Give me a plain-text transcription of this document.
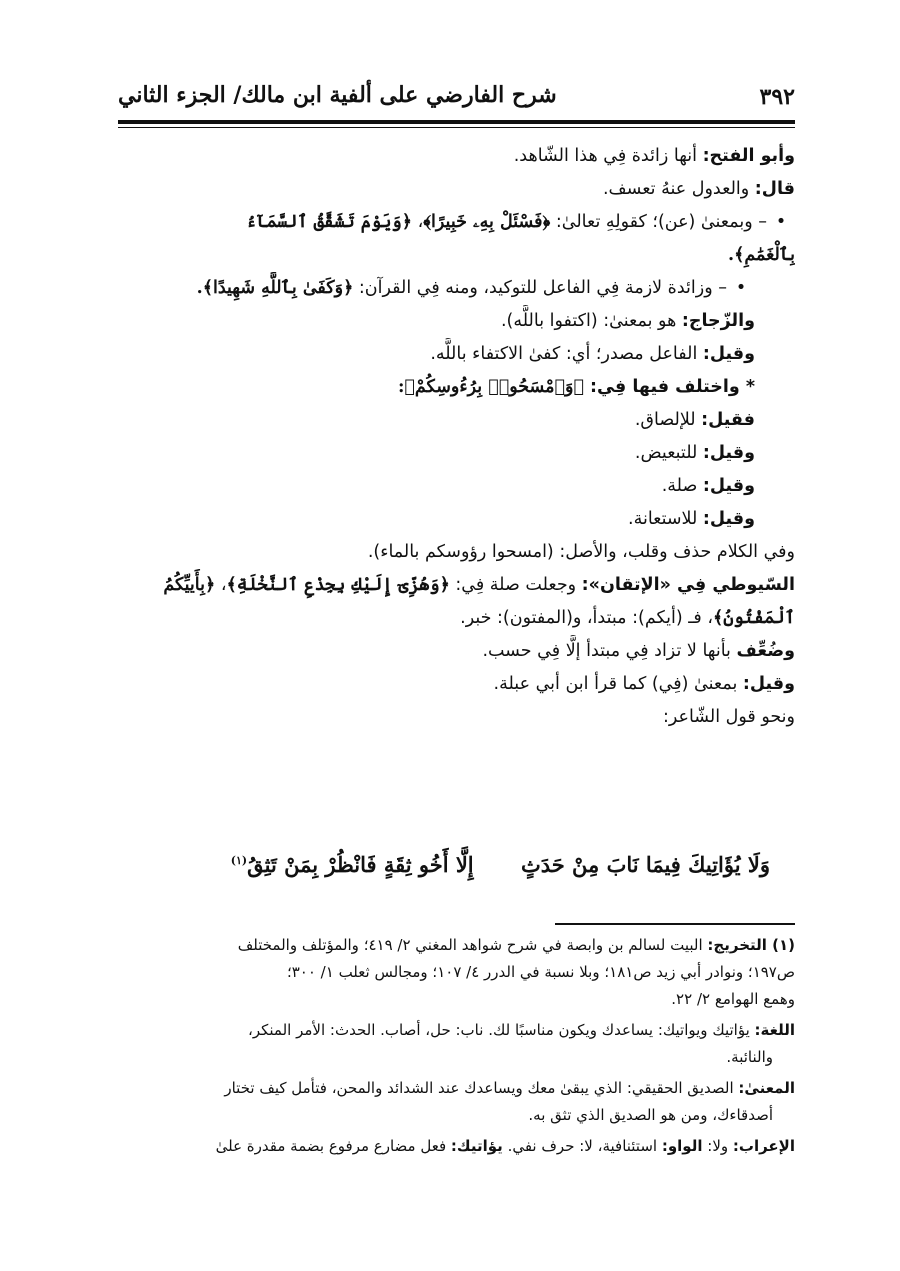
٣٩٢
شرح الفارضي على ألفية ابن مالك/ الجزء الثاني
وأبو الفتح: أنها زائدة فِي هذا الشّاهد.
قال: والعدول عنهُ تعسف.
•– وبمعنىٰ (عن)؛ كقولِهِ تعالىٰ: ﴿فَسْئَلْ بِهِۦ خَبِيرًا﴾، ﴿وَيَوْمَ تَشَقَّقُ ٱلسَّمَآءُ
بِٱلْغَمَٰمِ﴾.
•– وزائدة لازمة فِي الفاعل للتوكيد، ومنه فِي القرآن: ﴿وَكَفَىٰ بِٱللَّهِ شَهِيدًا﴾.
والزّجاج: هو بمعنىٰ: (اكتفوا باللَّه).
وقيل: الفاعل مصدر؛ أي: كفىٰ الاكتفاء باللَّه.
* واختلف فيها فِي: ﴿وَٱمْسَحُوا۟ بِرُءُوسِكُمْ﴾:
فقيل: للإلصاق.
وقيل: للتبعيض.
وقيل: صلة.
وقيل: للاستعانة.
وفي الكلام حذف وقلب، والأصل: (امسحوا رؤوسكم بالماء).
السّيوطي فِي «الإتقان»: وجعلت صلة فِي: ﴿وَهُزِّىٓ إِلَيْكِ بِجِذْعِ ٱلنَّخْلَةِ﴾، ﴿بِأَييِّكُمُ
ٱلْمَفْتُونُ﴾، فـ (أيكم): مبتدأ، و(المفتون): خبر.
وضُعِّف بأنها لا تزاد فِي مبتدأ إلَّا فِي حسب.
وقيل: بمعنىٰ (فِي) كما قرأ ابن أبي عبلة.
ونحو قول الشّاعر:
وَلَا يُؤَاتِيكَ فِيمَا نَابَ مِنْ حَدَثٍ إِلَّا أَخُو ثِقَةٍ فَانْظُرْ بِمَنْ تَثِقُ$^{(١)}$
(١) التخريج: البيت لسالم بن وابصة في شرح شواهد المغني ٢/ ٤١٩؛ والمؤتلف والمختلف
ص١٩٧؛ ونوادر أبي زيد ص١٨١؛ وبلا نسبة في الدرر ٤/ ١٠٧؛ ومجالس ثعلب ١/ ٣٠٠؛
وهمع الهوامع ٢/ ٢٢.
اللغة: يؤاتيك ويواتيك: يساعدك ويكون مناسبًا لك. ناب: حل، أصاب. الحدث: الأمر المنكر،
والنائبة.
المعنىٰ: الصديق الحقيقي: الذي يبقىٰ معك ويساعدك عند الشدائد والمحن، فتأمل كيف تختار
أصدقاءك، ومن هو الصديق الذي تثق به.
الإعراب: ولا: الواو: استئنافية، لا: حرف نفي. يؤاتيك: فعل مضارع مرفوع بضمة مقدرة علىٰ
